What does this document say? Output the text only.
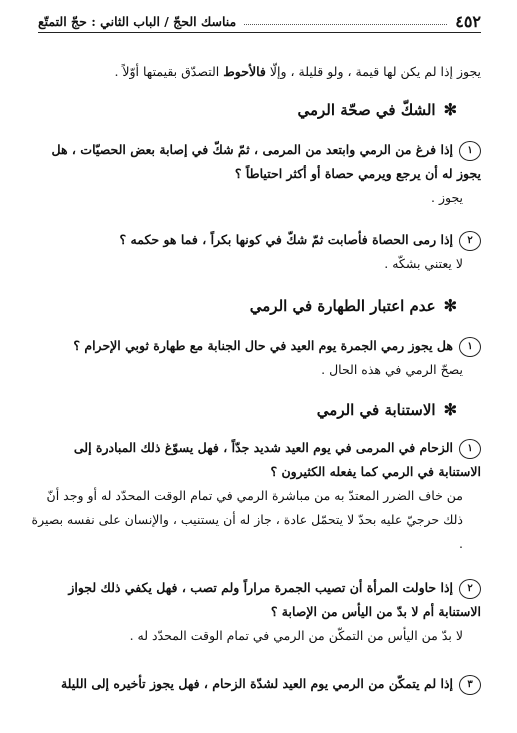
٤٥٢
مناسك الحجّ / الباب الثاني : حجّ التمتّع
يجوز إذا لم يكن لها قيمة ، ولو قليلة ، وإلّا فالأحوط التصدّق بقيمتها أوّلاً .
✻
الشكّ في صحّة الرمي
١إذا فرغ من الرمي وابتعد من المرمى ، ثمّ شكّ في إصابة بعض الحصيّات ، هل يجوز له أن يرجع ويرمي حصاة أو أكثر احتياطاً ؟
يجوز .
٢إذا رمى الحصاة فأصابت ثمّ شكّ في كونها بكراً ، فما هو حكمه ؟
لا يعتني بشكّه .
✻
عدم اعتبار الطهارة في الرمي
١هل يجوز رمي الجمرة يوم العيد في حال الجنابة مع طهارة ثوبي الإحرام ؟
يصحّ الرمي في هذه الحال .
✻
الاستنابة في الرمي
١الزحام في المرمى في يوم العيد شديد جدّاً ، فهل يسوّغ ذلك المبادرة إلى الاستنابة في الرمي كما يفعله الكثيرون ؟
من خاف الضرر المعتدّ به من مباشرة الرمي في تمام الوقت المحدّد له أو وجد أنّ ذلك حرجيّ عليه بحدّ لا يتحمّل عادة ، جاز له أن يستنيب ، والإنسان على نفسه بصيرة .
٢إذا حاولت المرأة أن تصيب الجمرة مراراً ولم تصب ، فهل يكفي ذلك لجواز الاستنابة أم لا بدّ من اليأس من الإصابة ؟
لا بدّ من اليأس من التمكّن من الرمي في تمام الوقت المحدّد له .
٣إذا لم يتمكّن من الرمي يوم العيد لشدّة الزحام ، فهل يجوز تأخيره إلى الليلة
